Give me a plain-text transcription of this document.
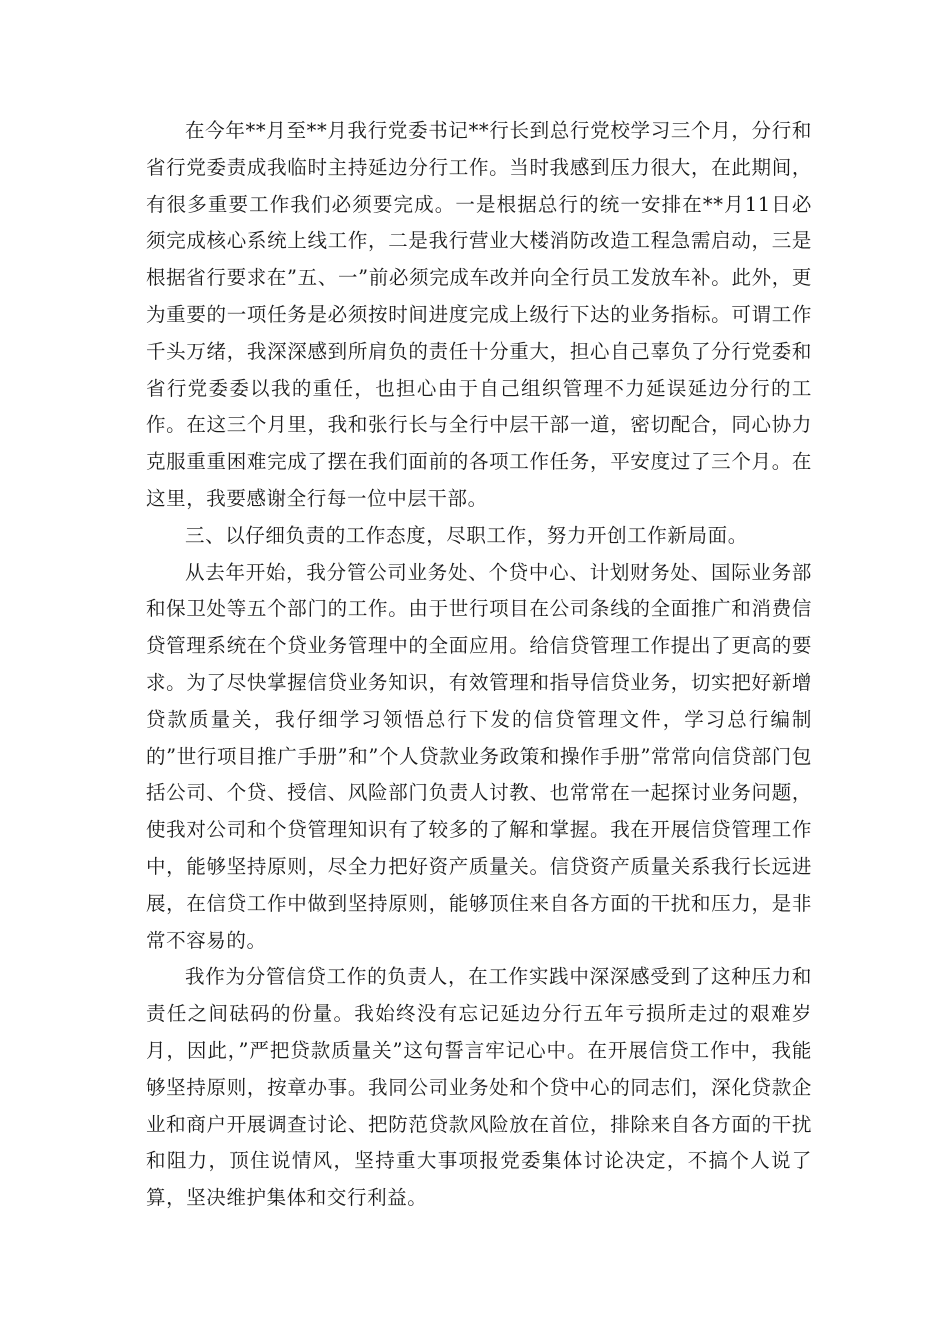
在今年**月至**月我行党委书记**行长到总行党校学习三个月，分行和省行党委责成我临时主持延边分行工作。当时我感到压力很大，在此期间，有很多重要工作我们必须要完成。一是根据总行的统一安排在**月11日必须完成核心系统上线工作，二是我行营业大楼消防改造工程急需启动，三是根据省行要求在”五、一”前必须完成车改并向全行员工发放车补。此外，更为重要的一项任务是必须按时间进度完成上级行下达的业务指标。可谓工作千头万绪，我深深感到所肩负的责任十分重大，担心自己辜负了分行党委和省行党委委以我的重任，也担心由于自己组织管理不力延误延边分行的工作。在这三个月里，我和张行长与全行中层干部一道，密切配合，同心协力克服重重困难完成了摆在我们面前的各项工作任务，平安度过了三个月。在这里，我要感谢全行每一位中层干部。

三、以仔细负责的工作态度，尽职工作，努力开创工作新局面。

从去年开始，我分管公司业务处、个贷中心、计划财务处、国际业务部和保卫处等五个部门的工作。由于世行项目在公司条线的全面推广和消费信贷管理系统在个贷业务管理中的全面应用。给信贷管理工作提出了更高的要求。为了尽快掌握信贷业务知识，有效管理和指导信贷业务，切实把好新增贷款质量关，我仔细学习领悟总行下发的信贷管理文件，学习总行编制的”世行项目推广手册”和”个人贷款业务政策和操作手册”常常向信贷部门包括公司、个贷、授信、风险部门负责人讨教、也常常在一起探讨业务问题，使我对公司和个贷管理知识有了较多的了解和掌握。我在开展信贷管理工作中，能够坚持原则，尽全力把好资产质量关。信贷资产质量关系我行长远进展，在信贷工作中做到坚持原则，能够顶住来自各方面的干扰和压力，是非常不容易的。

我作为分管信贷工作的负责人，在工作实践中深深感受到了这种压力和责任之间砝码的份量。我始终没有忘记延边分行五年亏损所走过的艰难岁月，因此，”严把贷款质量关”这句誓言牢记心中。在开展信贷工作中，我能够坚持原则，按章办事。我同公司业务处和个贷中心的同志们，深化贷款企业和商户开展调查讨论、把防范贷款风险放在首位，排除来自各方面的干扰和阻力，顶住说情风，坚持重大事项报党委集体讨论决定，不搞个人说了算，坚决维护集体和交行利益。
